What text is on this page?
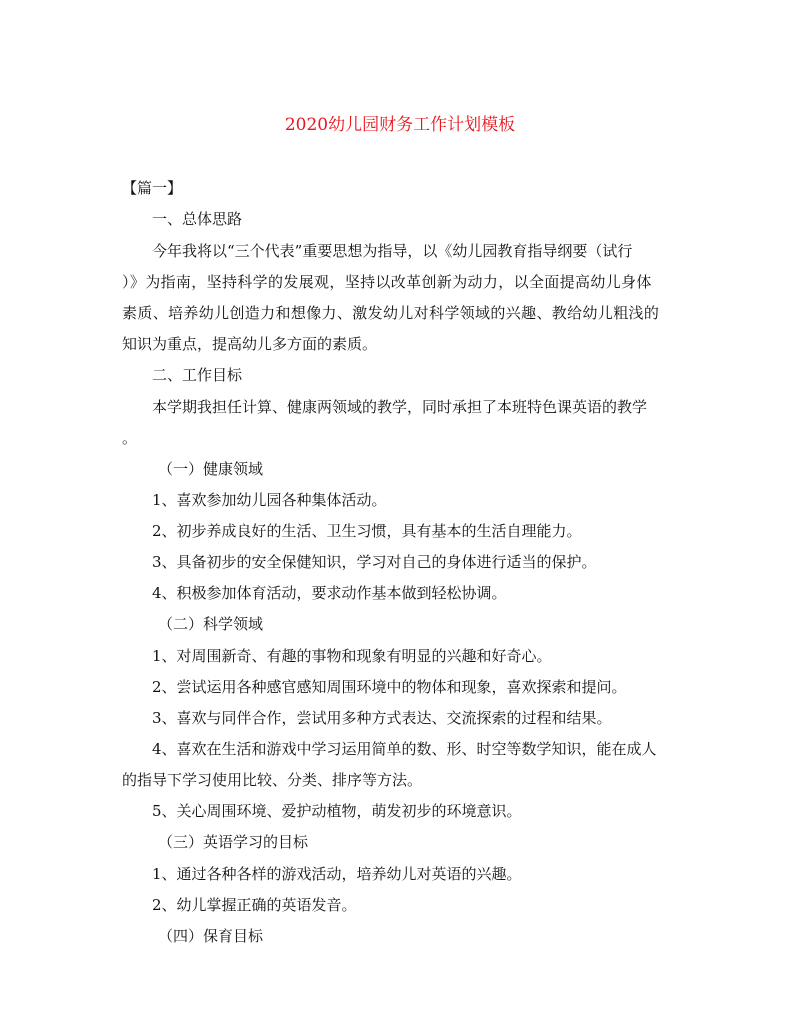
2020幼儿园财务工作计划模板
【篇一】
一、总体思路
今年我将以“三个代表”重要思想为指导，以《幼儿园教育指导纲要（试行
）》为指南，坚持科学的发展观，坚持以改革创新为动力，以全面提高幼儿身体
素质、培养幼儿创造力和想像力、激发幼儿对科学领域的兴趣、教给幼儿粗浅的
知识为重点，提高幼儿多方面的素质。
二、工作目标
本学期我担任计算、健康两领域的教学，同时承担了本班特色课英语的教学
。
（一）健康领域
1、喜欢参加幼儿园各种集体活动。
2、初步养成良好的生活、卫生习惯，具有基本的生活自理能力。
3、具备初步的安全保健知识，学习对自己的身体进行适当的保护。
4、积极参加体育活动，要求动作基本做到轻松协调。
（二）科学领域
1、对周围新奇、有趣的事物和现象有明显的兴趣和好奇心。
2、尝试运用各种感官感知周围环境中的物体和现象，喜欢探索和提问。
3、喜欢与同伴合作，尝试用多种方式表达、交流探索的过程和结果。
4、喜欢在生活和游戏中学习运用简单的数、形、时空等数学知识，能在成人
的指导下学习使用比较、分类、排序等方法。
5、关心周围环境、爱护动植物，萌发初步的环境意识。
（三）英语学习的目标
1、通过各种各样的游戏活动，培养幼儿对英语的兴趣。
2、幼儿掌握正确的英语发音。
（四）保育目标
